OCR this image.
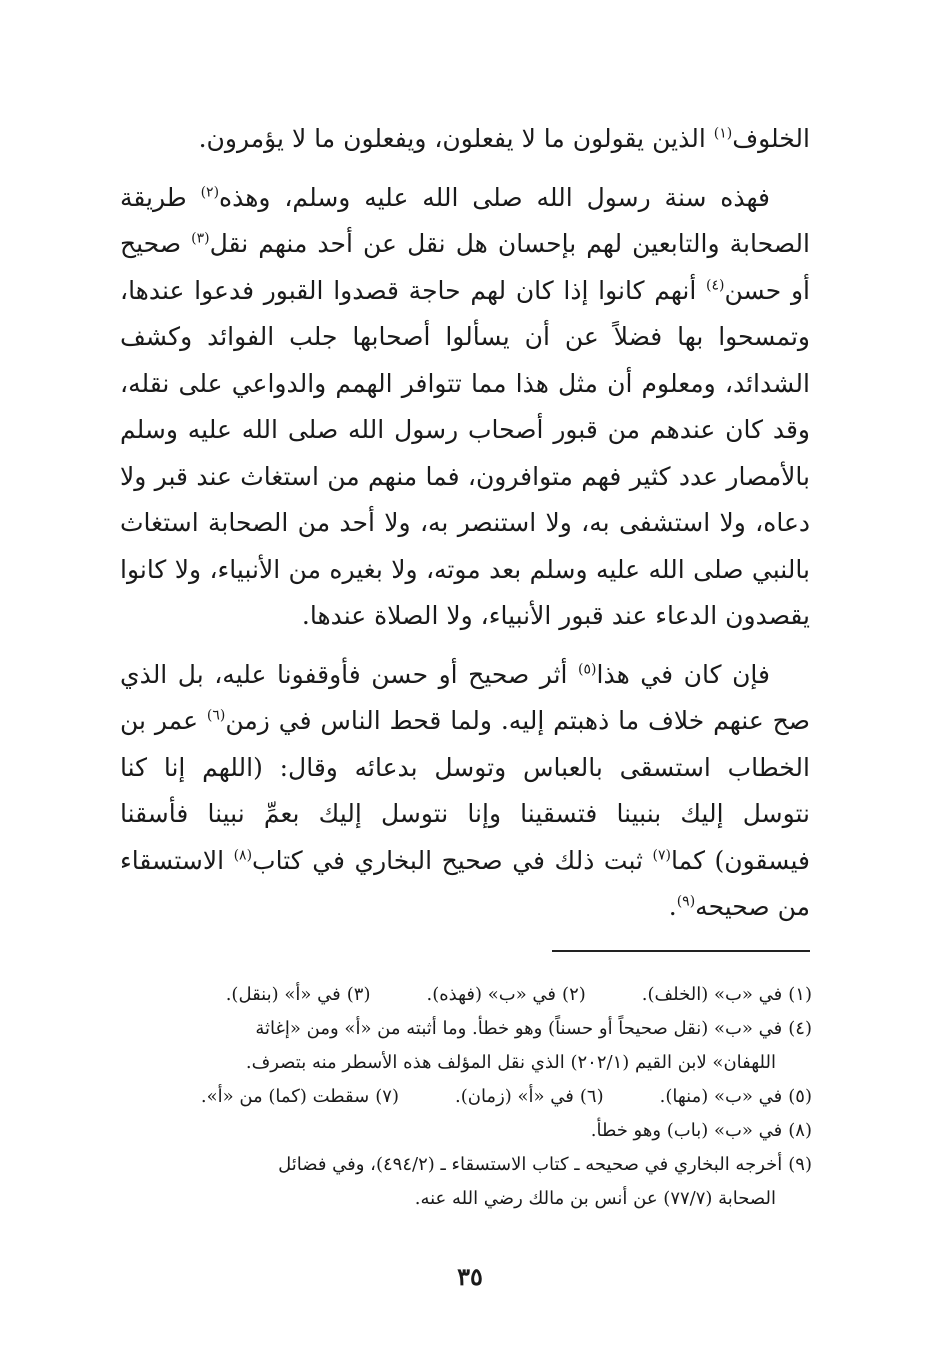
الخلوف$^{(١)}$ الذين يقولون ما لا يفعلون، ويفعلون ما لا يؤمرون.

فهذه سنة رسول الله صلى الله عليه وسلم، وهذه$^{(٢)}$ طريقة الصحابة والتابعين لهم بإحسان هل نقل عن أحد منهم نقل$^{(٣)}$ صحيح أو حسن$^{(٤)}$ أنهم كانوا إذا كان لهم حاجة قصدوا القبور فدعوا عندها، وتمسحوا بها فضلاً عن أن يسألوا أصحابها جلب الفوائد وكشف الشدائد، ومعلوم أن مثل هذا مما تتوافر الهمم والدواعي على نقله، وقد كان عندهم من قبور أصحاب رسول الله صلى الله عليه وسلم بالأمصار عدد كثير فهم متوافرون، فما منهم من استغاث عند قبر ولا دعاه، ولا استشفى به، ولا استنصر به، ولا أحد من الصحابة استغاث بالنبي صلى الله عليه وسلم بعد موته، ولا بغيره من الأنبياء، ولا كانوا يقصدون الدعاء عند قبور الأنبياء، ولا الصلاة عندها.

فإن كان في هذا$^{(٥)}$ أثر صحيح أو حسن فأوقفونا عليه، بل الذي صح عنهم خلاف ما ذهبتم إليه. ولما قحط الناس في زمن$^{(٦)}$ عمر بن الخطاب استسقى بالعباس وتوسل بدعائه وقال: (اللهم إنا كنا نتوسل إليك بنبينا فتسقينا وإنا نتوسل إليك بعمِّ نبينا فأسقنا فيسقون) كما$^{(٧)}$ ثبت ذلك في صحيح البخاري في كتاب$^{(٨)}$ الاستسقاء من صحيحه$^{(٩)}$.

(١)في «ب» (الخلف).
(٢)في «ب» (فهذه).
(٣)في «أ» (بنقل).
(٤)في «ب» (نقل صحيحاً أو حسناً) وهو خطأ. وما أثبته من «أ» ومن «إغاثة
اللهفان» لابن القيم (٢٠٢/١) الذي نقل المؤلف هذه الأسطر منه بتصرف.
(٥)في «ب» (منها).
(٦)في «أ» (زمان).
(٧)سقطت (كما) من «أ».
(٨)في «ب» (باب) وهو خطأ.
(٩)أخرجه البخاري في صحيحه ـ كتاب الاستسقاء ـ (٤٩٤/٢)، وفي فضائل
الصحابة (٧٧/٧) عن أنس بن مالك رضي الله عنه.
٣٥
